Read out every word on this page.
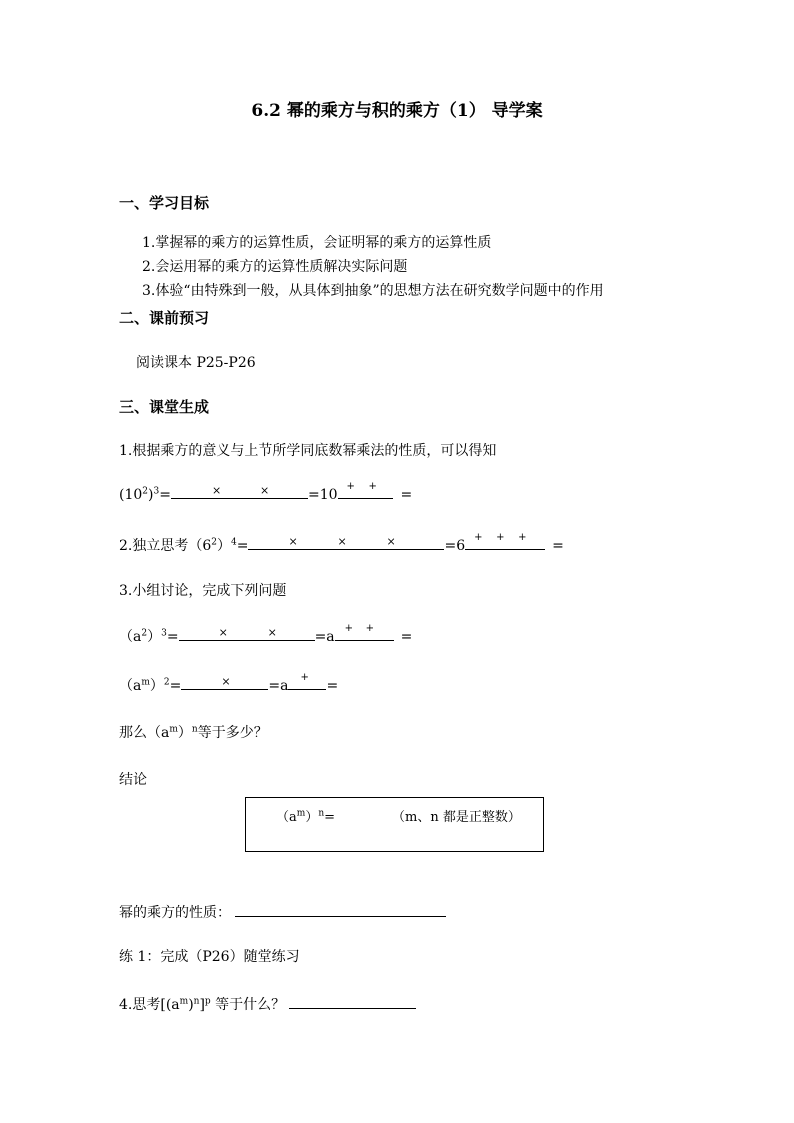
6.2 幂的乘方与积的乘方（1） 导学案
一、学习目标
1.掌握幂的乘方的运算性质，会证明幂的乘方的运算性质
2.会运用幂的乘方的运算性质解决实际问题
3.体验“由特殊到一般，从具体到抽象”的思想方法在研究数学问题中的作用
二、课前预习
阅读课本 P25-P26
三、课堂生成
1.根据乘方的意义与上节所学同底数幂乘法的性质，可以得知
$(10^2)^3=$	×	×	=10
+ +
=
2.独立思考$(6^2)^4=$	×	×	×	=6
+ + +
=
3.小组讨论，完成下列问题
$(a^2)^3=$	×	×	=a
+ +
=
$(a^m)^2=$	×	=a
+
=
那么$(a^m)^n$等于多少？
结论
$(a^m)^n=$	（m、n 都是正整数）
幂的乘方的性质：
练 1：完成（P26）随堂练习
4.思考$[(a^m)^n]^p$ 等于什么？
